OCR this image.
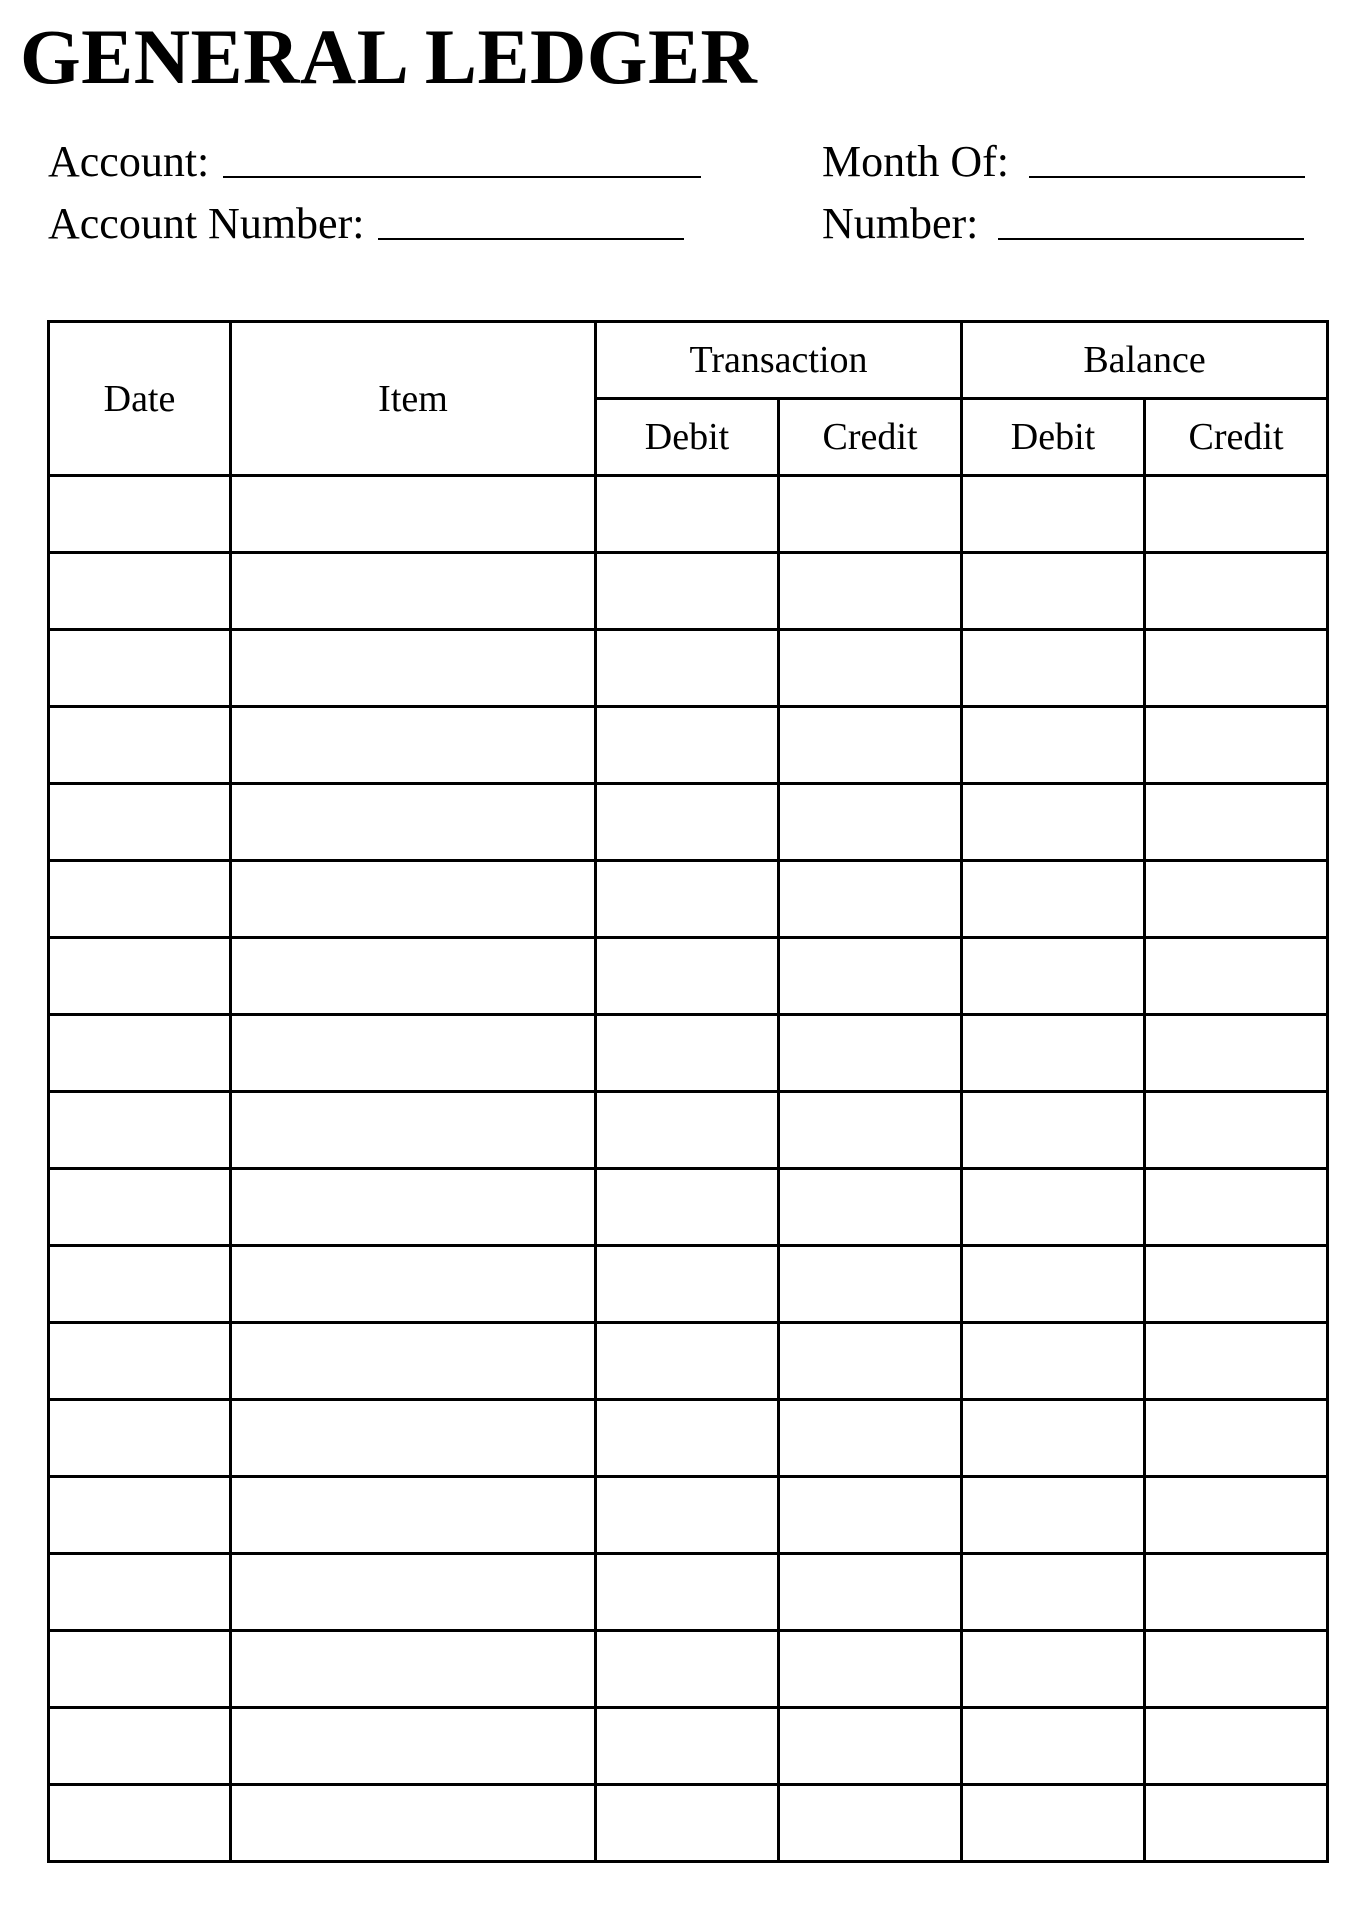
GENERAL LEDGER
Account:
Account Number:
Month Of:
Number:
Date	Item	Transaction		Balance	
		Debit	Credit	Debit	Credit
